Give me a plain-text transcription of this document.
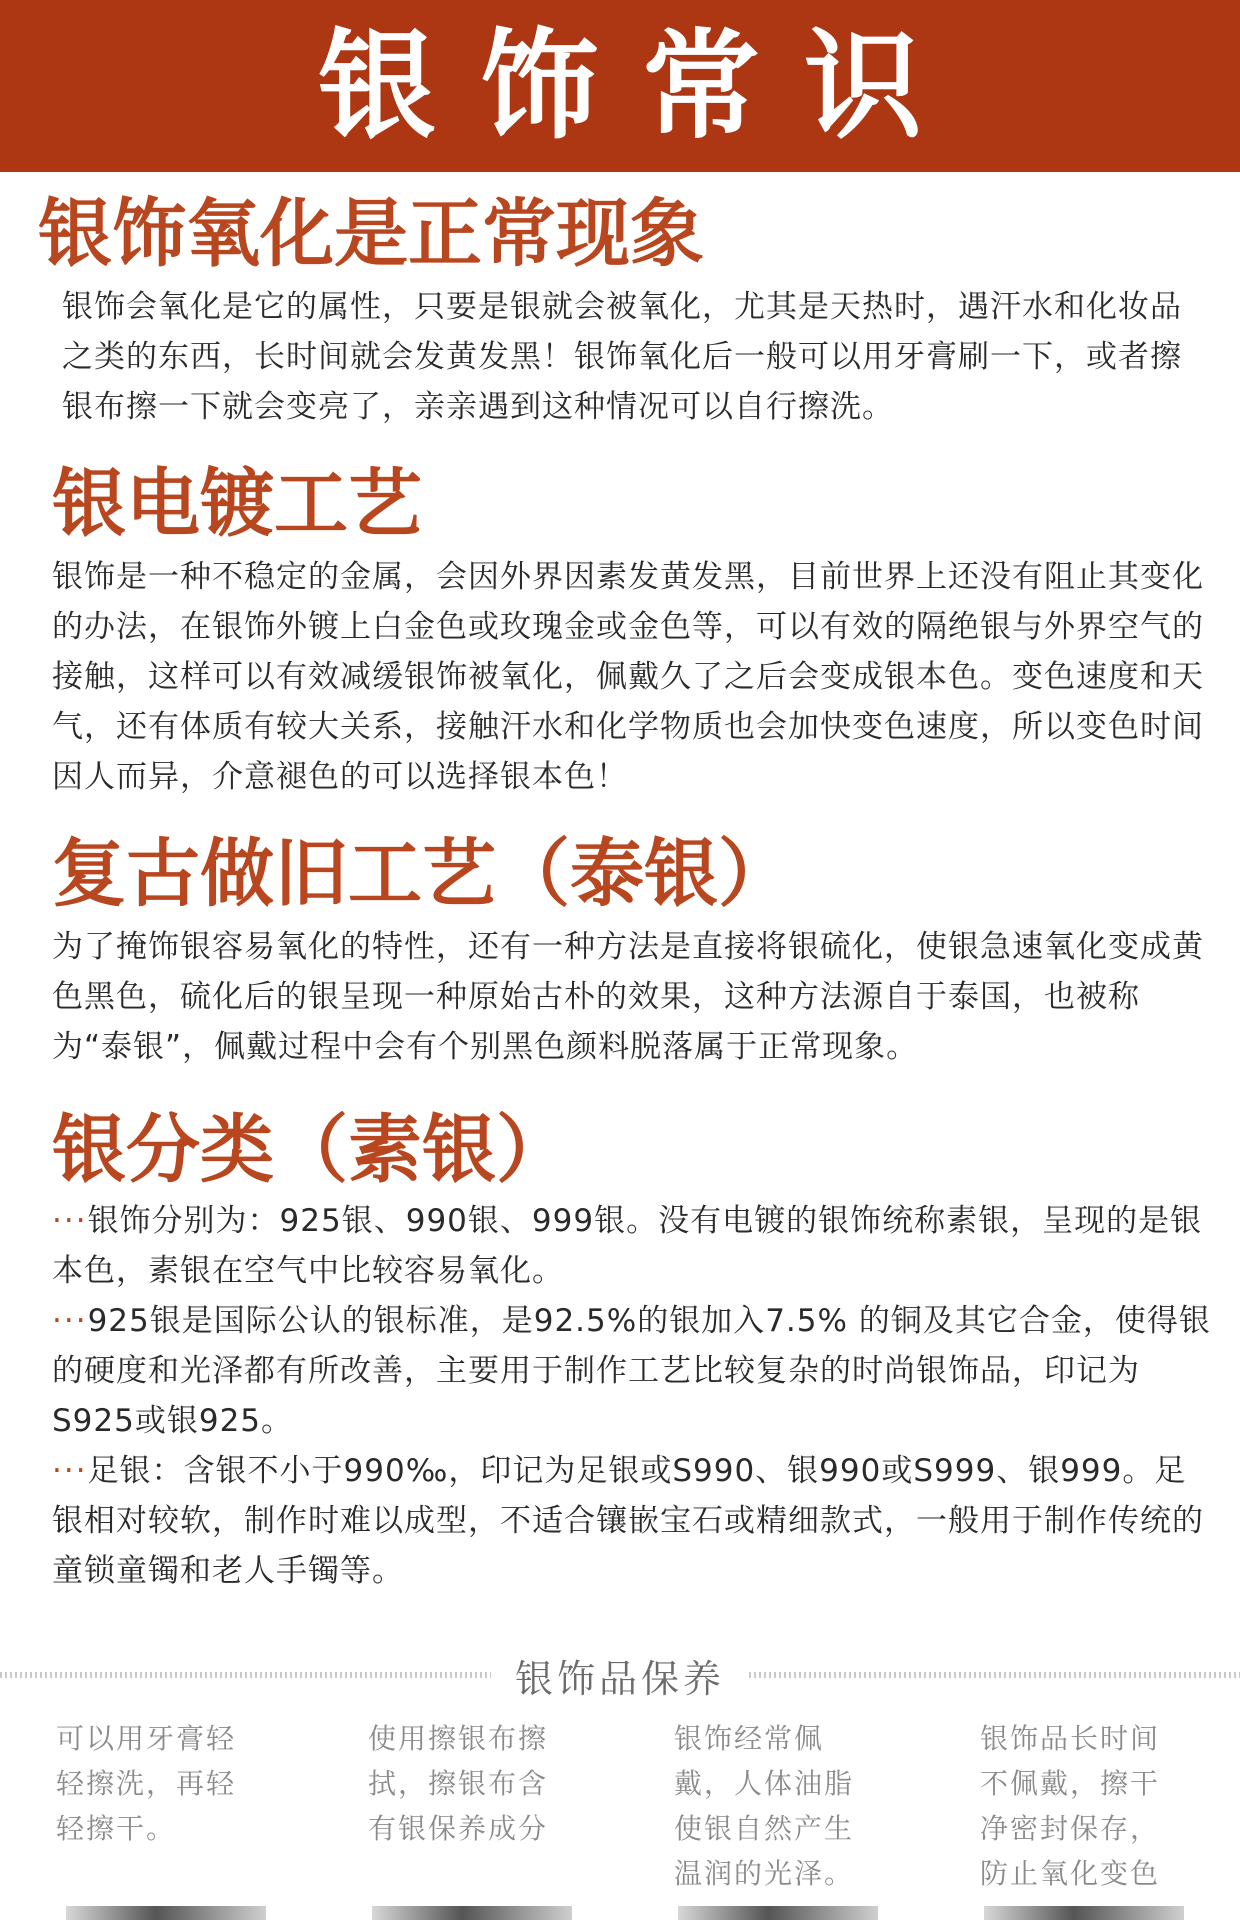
银饰常识
银饰氧化是正常现象

银饰会氧化是它的属性，只要是银就会被氧化，尤其是天热时，遇汗水和化妆品之类的东西，长时间就会发黄发黑！银饰氧化后一般可以用牙膏刷一下，或者擦银布擦一下就会变亮了，亲亲遇到这种情况可以自行擦洗。

银电镀工艺

银饰是一种不稳定的金属，会因外界因素发黄发黑，目前世界上还没有阻止其变化的办法，在银饰外镀上白金色或玫瑰金或金色等，可以有效的隔绝银与外界空气的接触，这样可以有效减缓银饰被氧化，佩戴久了之后会变成银本色。变色速度和天气，还有体质有较大关系，接触汗水和化学物质也会加快变色速度，所以变色时间因人而异，介意褪色的可以选择银本色！

复古做旧工艺（泰银）

为了掩饰银容易氧化的特性，还有一种方法是直接将银硫化，使银急速氧化变成黄色黑色，硫化后的银呈现一种原始古朴的效果，这种方法源自于泰国，也被称为“泰银”，佩戴过程中会有个别黑色颜料脱落属于正常现象。

银分类（素银）

···银饰分别为：925银、990银、999银。没有电镀的银饰统称素银，呈现的是银本色，素银在空气中比较容易氧化。

···925银是国际公认的银标准，是92.5%的银加入7.5% 的铜及其它合金，使得银的硬度和光泽都有所改善，主要用于制作工艺比较复杂的时尚银饰品，印记为S925或银925。

···足银：含银不小于990‰，印记为足银或S990、银990或S999、银999。足银相对较软，制作时难以成型，不适合镶嵌宝石或精细款式，一般用于制作传统的童锁童镯和老人手镯等。

银饰品保养
可以用牙膏轻轻擦洗，再轻轻擦干。
使用擦银布擦拭，擦银布含有银保养成分
银饰经常佩戴，人体油脂使银自然产生温润的光泽。
银饰品长时间不佩戴，擦干净密封保存，防止氧化变色
